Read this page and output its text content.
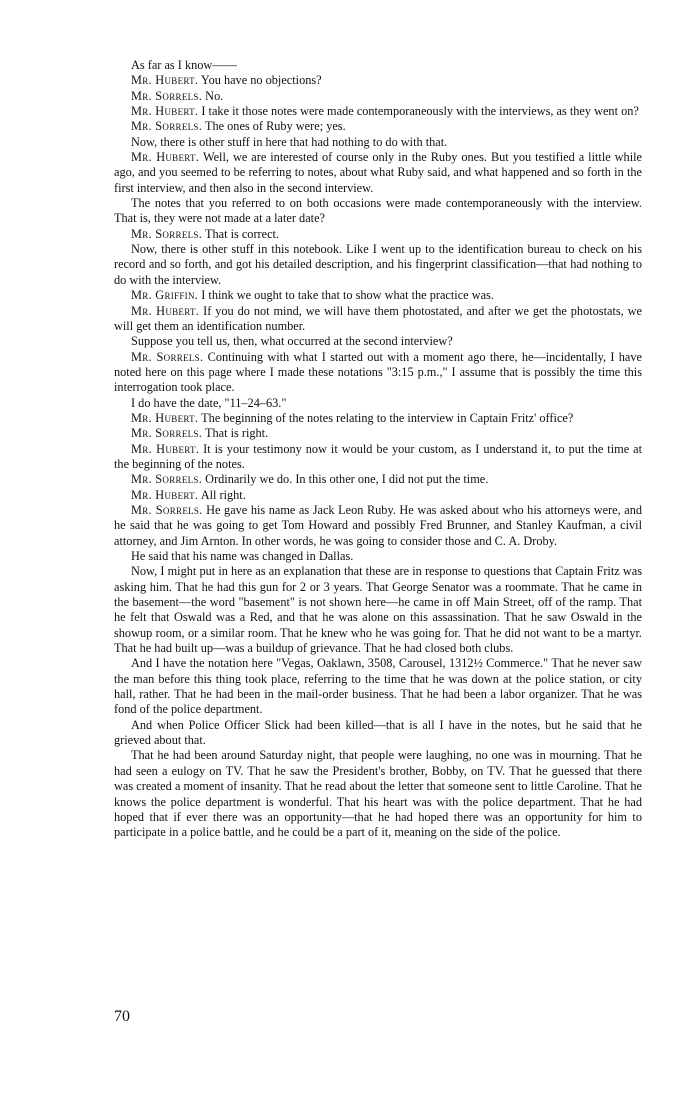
As far as I know——

Mr. Hubert. You have no objections?

Mr. Sorrels. No.

Mr. Hubert. I take it those notes were made contemporaneously with the interviews, as they went on?

Mr. Sorrels. The ones of Ruby were; yes.

Now, there is other stuff in here that had nothing to do with that.

Mr. Hubert. Well, we are interested of course only in the Ruby ones. But you testified a little while ago, and you seemed to be referring to notes, about what Ruby said, and what happened and so forth in the first interview, and then also in the second interview.

The notes that you referred to on both occasions were made contemporaneously with the interview. That is, they were not made at a later date?

Mr. Sorrels. That is correct.

Now, there is other stuff in this notebook. Like I went up to the identification bureau to check on his record and so forth, and got his detailed description, and his fingerprint classification—that had nothing to do with the interview.

Mr. Griffin. I think we ought to take that to show what the practice was.

Mr. Hubert. If you do not mind, we will have them photostated, and after we get the photostats, we will get them an identification number.

Suppose you tell us, then, what occurred at the second interview?

Mr. Sorrels. Continuing with what I started out with a moment ago there, he—incidentally, I have noted here on this page where I made these notations "3:15 p.m.," I assume that is possibly the time this interrogation took place.

I do have the date, "11–24–63."

Mr. Hubert. The beginning of the notes relating to the interview in Captain Fritz' office?

Mr. Sorrels. That is right.

Mr. Hubert. It is your testimony now it would be your custom, as I understand it, to put the time at the beginning of the notes.

Mr. Sorrels. Ordinarily we do. In this other one, I did not put the time.

Mr. Hubert. All right.

Mr. Sorrels. He gave his name as Jack Leon Ruby. He was asked about who his attorneys were, and he said that he was going to get Tom Howard and possibly Fred Brunner, and Stanley Kaufman, a civil attorney, and Jim Arnton. In other words, he was going to consider those and C. A. Droby.

He said that his name was changed in Dallas.

Now, I might put in here as an explanation that these are in response to questions that Captain Fritz was asking him. That he had this gun for 2 or 3 years. That George Senator was a roommate. That he came in the basement—the word "basement" is not shown here—he came in off Main Street, off of the ramp. That he felt that Oswald was a Red, and that he was alone on this assassination. That he saw Oswald in the showup room, or a similar room. That he knew who he was going for. That he did not want to be a martyr. That he had built up—was a buildup of grievance. That he had closed both clubs.

And I have the notation here "Vegas, Oaklawn, 3508, Carousel, 1312½ Commerce." That he never saw the man before this thing took place, referring to the time that he was down at the police station, or city hall, rather. That he had been in the mail-order business. That he had been a labor organizer. That he was fond of the police department.

And when Police Officer Slick had been killed—that is all I have in the notes, but he said that he grieved about that.

That he had been around Saturday night, that people were laughing, no one was in mourning. That he had seen a eulogy on TV. That he saw the President's brother, Bobby, on TV. That he guessed that there was created a moment of insanity. That he read about the letter that someone sent to little Caroline. That he knows the police department is wonderful. That his heart was with the police department. That he had hoped that if ever there was an opportunity—that he had hoped there was an opportunity for him to participate in a police battle, and he could be a part of it, meaning on the side of the police.

70
